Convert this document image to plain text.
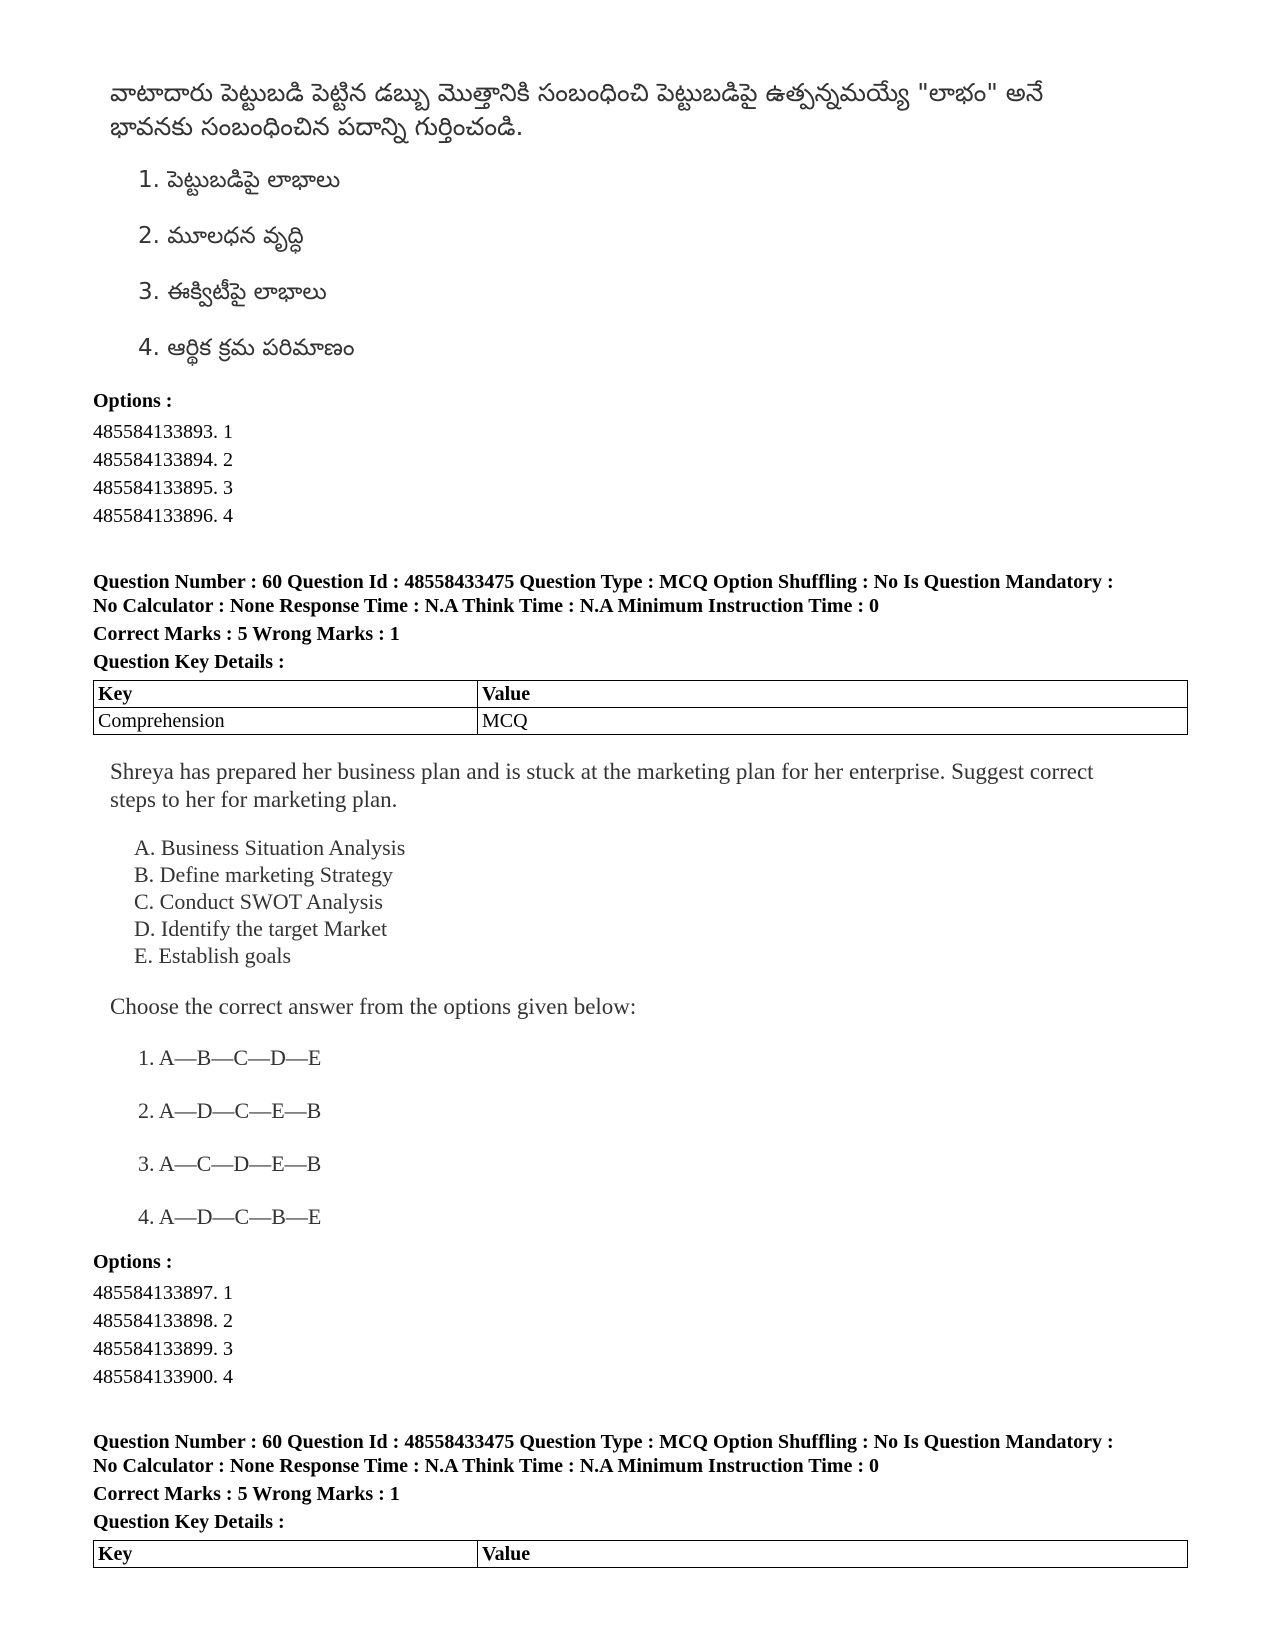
వాటాదారు పెట్టుబడి పెట్టిన డబ్బు మొత్తానికి సంబంధించి పెట్టుబడిపై ఉత్పన్నమయ్యే "లాభం" అనే
భావనకు సంబంధించిన పదాన్ని గుర్తించండి.
1. పెట్టుబడిపై లాభాలు
2. మూలధన వృద్ధి
3. ఈక్విటీపై లాభాలు
4. ఆర్థిక క్రమ పరిమాణం
Options :
485584133893. 1
485584133894. 2
485584133895. 3
485584133896. 4
Question Number : 60 Question Id : 48558433475 Question Type : MCQ Option Shuffling : No Is Question Mandatory :
No Calculator : None Response Time : N.A Think Time : N.A Minimum Instruction Time : 0
Correct Marks : 5 Wrong Marks : 1
Question Key Details :
Key	Value
Comprehension	MCQ
Shreya has prepared her business plan and is stuck at the marketing plan for her enterprise. Suggest correct
steps to her for marketing plan.
A. Business Situation Analysis
B. Define marketing Strategy
C. Conduct SWOT Analysis
D. Identify the target Market
E. Establish goals
Choose the correct answer from the options given below:
1. A—B—C—D—E
2. A—D—C—E—B
3. A—C—D—E—B
4. A—D—C—B—E
Options :
485584133897. 1
485584133898. 2
485584133899. 3
485584133900. 4
Question Number : 60 Question Id : 48558433475 Question Type : MCQ Option Shuffling : No Is Question Mandatory :
No Calculator : None Response Time : N.A Think Time : N.A Minimum Instruction Time : 0
Correct Marks : 5 Wrong Marks : 1
Question Key Details :
Key	Value
